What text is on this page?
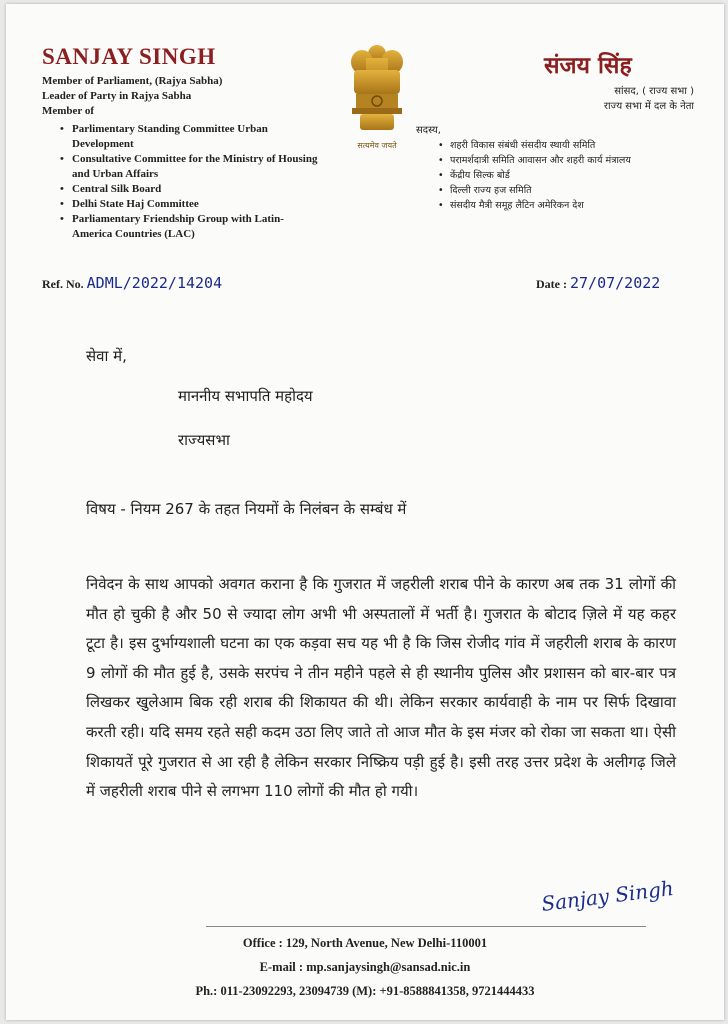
SANJAY SINGH
Member of Parliament, (Rajya Sabha)
Leader of Party in Rajya Sabha
Member of
• Parlimentary Standing Committee Urban Development
• Consultative Committee for the Ministry of Housing and Urban Affairs
• Central Silk Board
• Delhi State Haj Committee
• Parliamentary Friendship Group with Latin-America Countries (LAC)
सत्यमेव जयते
संजय सिंह
सांसद, ( राज्य सभा )
राज्य सभा में दल के नेता
सदस्य,
• शहरी विकास संबंधी संसदीय स्थायी समिति
• परामर्शदात्री समिति आवासन और शहरी कार्य मंत्रालय
• केंद्रीय सिल्क बोर्ड
• दिल्ली राज्य हज समिति
• संसदीय मैत्री समूह लैटिन अमेरिकन देश
Ref. No. ADML/2022/14204	Date : 27/07/2022
सेवा में,
माननीय सभापति महोदय
राज्यसभा
विषय - नियम 267 के तहत नियमों के निलंबन के सम्बंध में
निवेदन के साथ आपको अवगत कराना है कि गुजरात में जहरीली शराब पीने के कारण अब तक 31 लोगों की मौत हो चुकी है और 50 से ज्यादा लोग अभी भी अस्पतालों में भर्ती है। गुजरात के बोटाद ज़िले में यह कहर टूटा है। इस दुर्भाग्यशाली घटना का एक कड़वा सच यह भी है कि जिस रोजीद गांव में जहरीली शराब के कारण 9 लोगों की मौत हुई है, उसके सरपंच ने तीन महीने पहले से ही स्थानीय पुलिस और प्रशासन को बार-बार पत्र लिखकर खुलेआम बिक रही शराब की शिकायत की थी। लेकिन सरकार कार्यवाही के नाम पर सिर्फ दिखावा करती रही। यदि समय रहते सही कदम उठा लिए जाते तो आज मौत के इस मंजर को रोका जा सकता था। ऐसी शिकायतें पूरे गुजरात से आ रही है लेकिन सरकार निष्क्रिय पड़ी हुई है। इसी तरह उत्तर प्रदेश के अलीगढ़ जिले में जहरीली शराब पीने से लगभग 110 लोगों की मौत हो गयी।
Sanjay Singh
Office : 129, North Avenue, New Delhi-110001
E-mail : mp.sanjaysingh@sansad.nic.in
Ph.: 011-23092293, 23094739 (M): +91-8588841358, 9721444433
